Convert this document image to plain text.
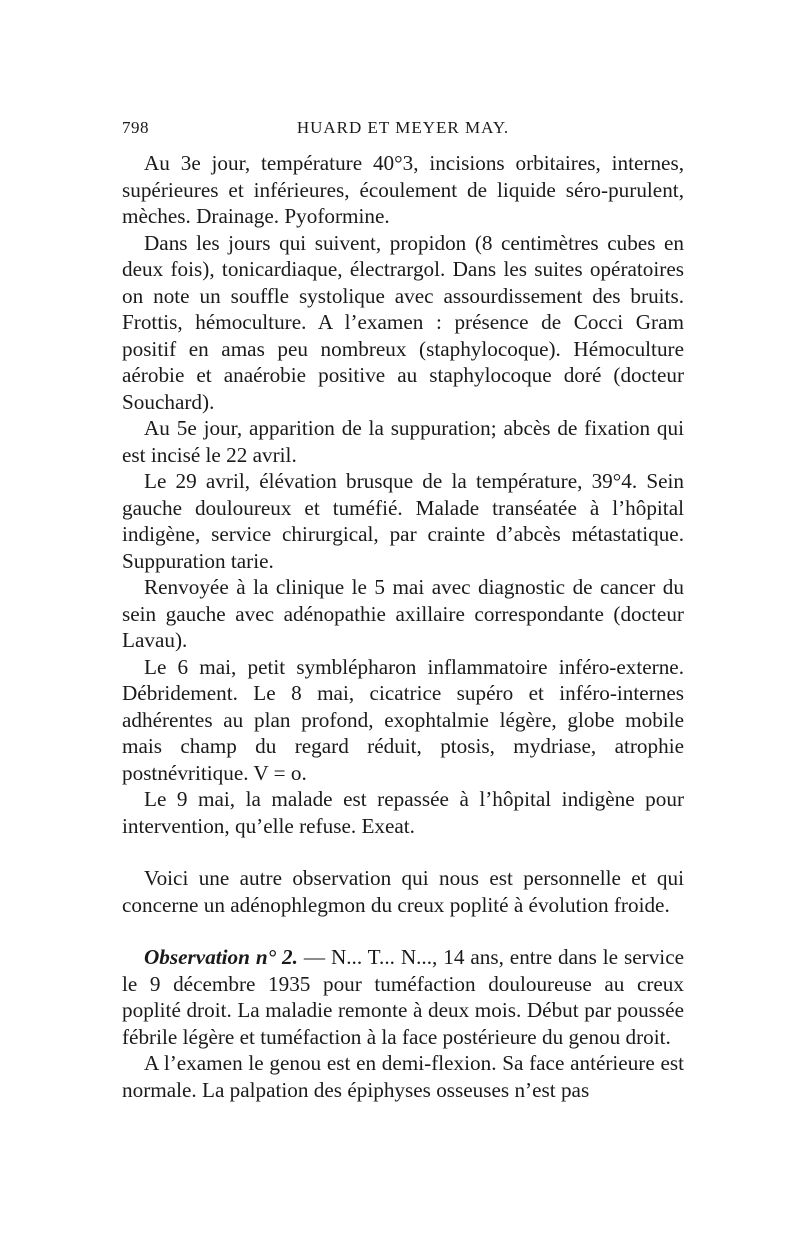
798	HUARD ET MEYER MAY.

Au 3e jour, température 40°3, incisions orbitaires, internes, supérieures et inférieures, écoulement de liquide séro-purulent, mèches. Drainage. Pyoformine.

Dans les jours qui suivent, propidon (8 centimètres cubes en deux fois), tonicardiaque, électrargol. Dans les suites opératoires on note un souffle systolique avec assourdissement des bruits. Frottis, hémoculture. A l’examen : présence de Cocci Gram positif en amas peu nombreux (staphylocoque). Hémoculture aérobie et anaérobie positive au staphylocoque doré (docteur Souchard).

Au 5e jour, apparition de la suppuration; abcès de fixation qui est incisé le 22 avril.

Le 29 avril, élévation brusque de la température, 39°4. Sein gauche douloureux et tuméfié. Malade transéatée à l’hôpital indigène, service chirurgical, par crainte d’abcès métastatique. Suppuration tarie.

Renvoyée à la clinique le 5 mai avec diagnostic de cancer du sein gauche avec adénopathie axillaire correspondante (docteur Lavau).

Le 6 mai, petit symblépharon inflammatoire inféro-externe. Débridement. Le 8 mai, cicatrice supéro et inféro-internes adhérentes au plan profond, exophtalmie légère, globe mobile mais champ du regard réduit, ptosis, mydriase, atrophie postnévritique. V = o.

Le 9 mai, la malade est repassée à l’hôpital indigène pour intervention, qu’elle refuse. Exeat.

Voici une autre observation qui nous est personnelle et qui concerne un adénophlegmon du creux poplité à évolution froide.

Observation n° 2. — N... T... N..., 14 ans, entre dans le service le 9 décembre 1935 pour tuméfaction douloureuse au creux poplité droit. La maladie remonte à deux mois. Début par poussée fébrile légère et tuméfaction à la face postérieure du genou droit.

A l’examen le genou est en demi-flexion. Sa face antérieure est normale. La palpation des épiphyses osseuses n’est pas
